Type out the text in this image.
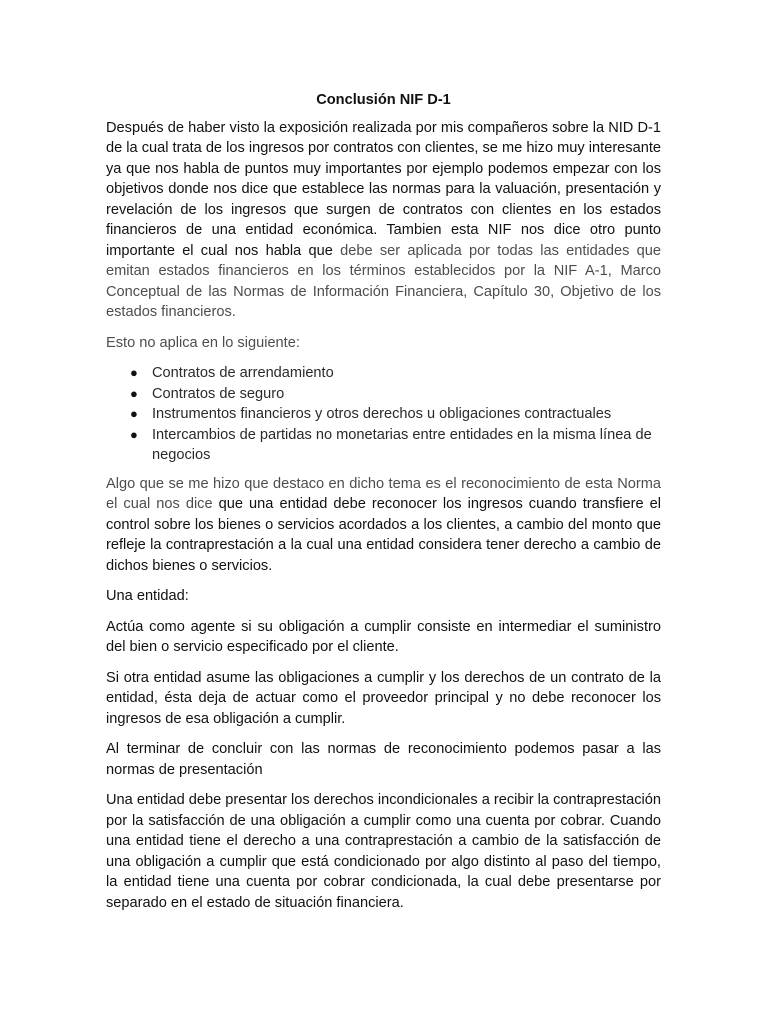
Conclusión NIF D-1

Después de haber visto la exposición realizada por mis compañeros sobre la NID D-1 de la cual trata de los ingresos por contratos con clientes, se me hizo muy interesante ya que nos habla de puntos muy importantes por ejemplo podemos empezar con los objetivos donde nos dice que establece las normas para la valuación, presentación y revelación de los ingresos que surgen de contratos con clientes en los estados financieros de una entidad económica. Tambien esta NIF nos dice otro punto importante el cual nos habla que debe ser aplicada por todas las entidades que emitan estados financieros en los términos establecidos por la NIF A-1, Marco Conceptual de las Normas de Información Financiera, Capítulo 30, Objetivo de los estados financieros.

Esto no aplica en lo siguiente:

● Contratos de arrendamiento
● Contratos de seguro
● Instrumentos financieros y otros derechos u obligaciones contractuales
● Intercambios de partidas no monetarias entre entidades en la misma línea de negocios

Algo que se me hizo que destaco en dicho tema es el reconocimiento de esta Norma el cual nos dice que una entidad debe reconocer los ingresos cuando transfiere el control sobre los bienes o servicios acordados a los clientes, a cambio del monto que refleje la contraprestación a la cual una entidad considera tener derecho a cambio de dichos bienes o servicios.

Una entidad:

Actúa como agente si su obligación a cumplir consiste en intermediar el suministro del bien o servicio especificado por el cliente.

Si otra entidad asume las obligaciones a cumplir y los derechos de un contrato de la entidad, ésta deja de actuar como el proveedor principal y no debe reconocer los ingresos de esa obligación a cumplir.

Al terminar de concluir con las normas de reconocimiento podemos pasar a las normas de presentación

Una entidad debe presentar los derechos incondicionales a recibir la contraprestación por la satisfacción de una obligación a cumplir como una cuenta por cobrar. Cuando una entidad tiene el derecho a una contraprestación a cambio de la satisfacción de una obligación a cumplir que está condicionado por algo distinto al paso del tiempo, la entidad tiene una cuenta por cobrar condicionada, la cual debe presentarse por separado en el estado de situación financiera.
